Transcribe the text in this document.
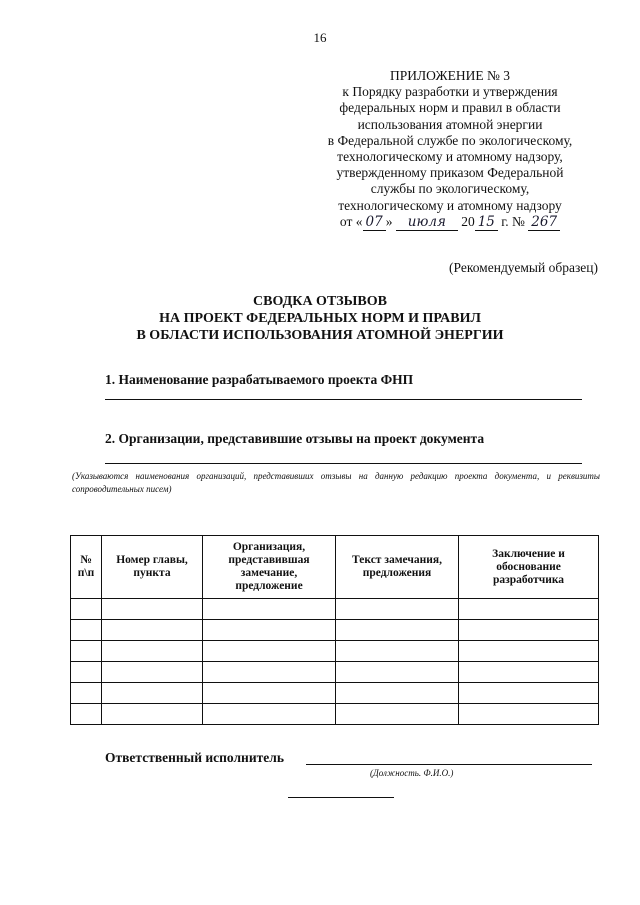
16
ПРИЛОЖЕНИЕ № 3
к Порядку разработки и утверждения
федеральных норм и правил в области
использования атомной энергии
в Федеральной службе по экологическому,
технологическому и атомному надзору,
утвержденному приказом Федеральной
службы по экологическому,
технологическому и атомному надзору
от « 07 » июля 20 15 г. № 267
(Рекомендуемый образец)
СВОДКА ОТЗЫВОВ
НА ПРОЕКТ ФЕДЕРАЛЬНЫХ НОРМ И ПРАВИЛ
В ОБЛАСТИ ИСПОЛЬЗОВАНИЯ АТОМНОЙ ЭНЕРГИИ
1. Наименование разрабатываемого проекта ФНП
2. Организации, представившие отзывы на проект документа
(Указываются наименования организаций, представивших отзывы на данную редакцию проекта документа, и реквизиты сопроводительных писем)
№ п\п	Номер главы, пункта	Организация, представившая замечание, предложение	Текст замечания, предложения	Заключение и обоснование разработчика

Ответственный исполнитель
(Должность. Ф.И.О.)
